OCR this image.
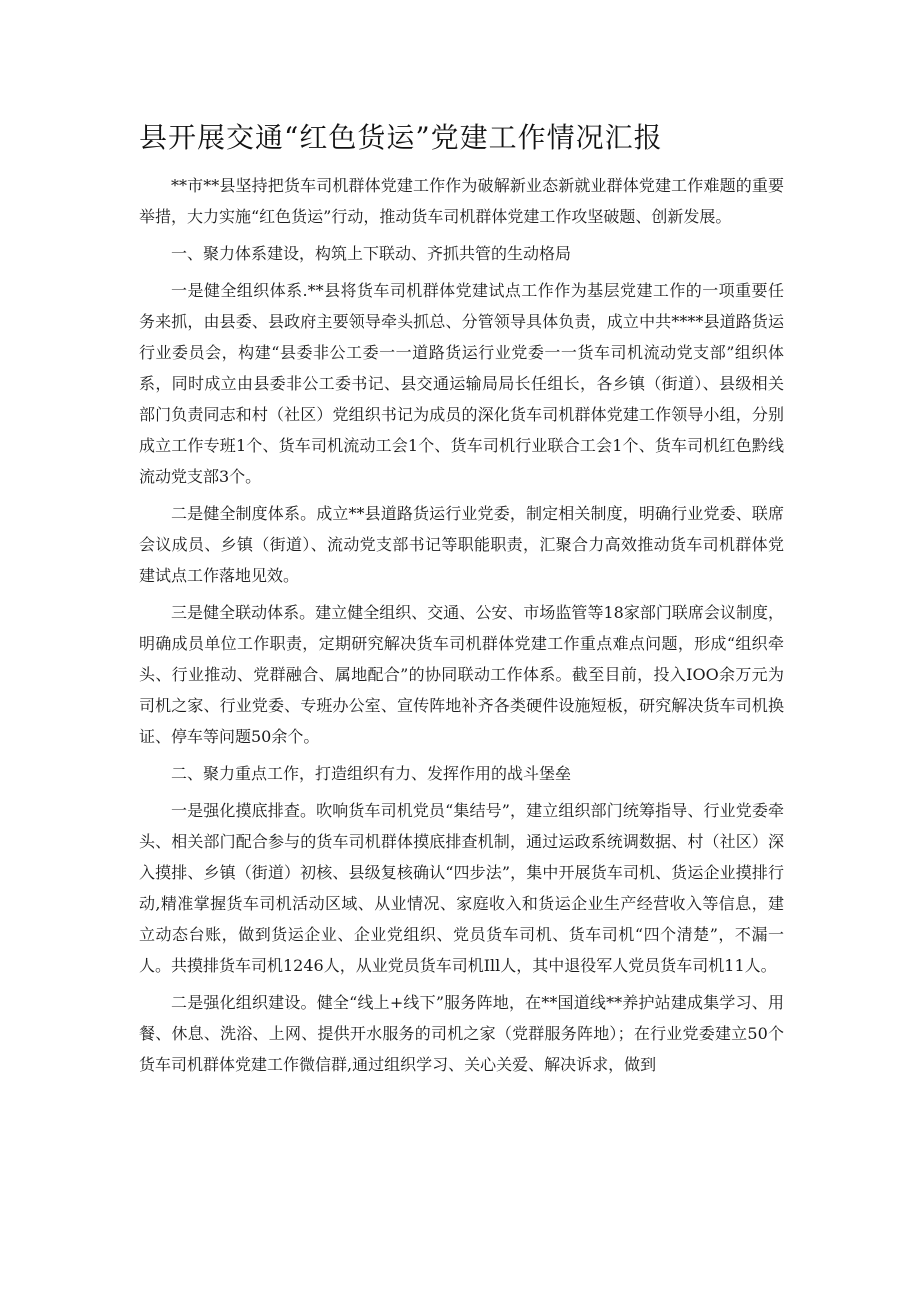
县开展交通“红色货运”党建工作情况汇报

**市**县坚持把货车司机群体党建工作作为破解新业态新就业群体党建工作难题的重要举措，大力实施“红色货运”行动，推动货车司机群体党建工作攻坚破题、创新发展。

一、聚力体系建设，构筑上下联动、齐抓共管的生动格局

一是健全组织体系.**县将货车司机群体党建试点工作作为基层党建工作的一项重要任务来抓，由县委、县政府主要领导牵头抓总、分管领导具体负责，成立中共****县道路货运行业委员会，构建“县委非公工委一一道路货运行业党委一一货车司机流动党支部”组织体系，同时成立由县委非公工委书记、县交通运输局局长任组长，各乡镇（街道）、县级相关部门负责同志和村（社区）党组织书记为成员的深化货车司机群体党建工作领导小组，分别成立工作专班1个、货车司机流动工会1个、货车司机行业联合工会1个、货车司机红色黔线流动党支部3个。

二是健全制度体系。成立**县道路货运行业党委，制定相关制度，明确行业党委、联席会议成员、乡镇（街道）、流动党支部书记等职能职责，汇聚合力高效推动货车司机群体党建试点工作落地见效。

三是健全联动体系。建立健全组织、交通、公安、市场监管等18家部门联席会议制度，明确成员单位工作职责，定期研究解决货车司机群体党建工作重点难点问题，形成“组织牵头、行业推动、党群融合、属地配合”的协同联动工作体系。截至目前，投入IOO余万元为司机之家、行业党委、专班办公室、宣传阵地补齐各类硬件设施短板，研究解决货车司机换证、停车等问题50余个。

二、聚力重点工作，打造组织有力、发挥作用的战斗堡垒

一是强化摸底排查。吹响货车司机党员“集结号”，建立组织部门统筹指导、行业党委牵头、相关部门配合参与的货车司机群体摸底排查机制，通过运政系统调数据、村（社区）深入摸排、乡镇（街道）初核、县级复核确认“四步法”，集中开展货车司机、货运企业摸排行动,精准掌握货车司机活动区域、从业情况、家庭收入和货运企业生产经营收入等信息，建立动态台账，做到货运企业、企业党组织、党员货车司机、货车司机“四个清楚”，不漏一人。共摸排货车司机1246人，从业党员货车司机Ill人，其中退役军人党员货车司机11人。

二是强化组织建设。健全“线上+线下”服务阵地，在**国道线**养护站建成集学习、用餐、休息、洗浴、上网、提供开水服务的司机之家（党群服务阵地）；在行业党委建立50个货车司机群体党建工作微信群,通过组织学习、关心关爱、解决诉求，做到
